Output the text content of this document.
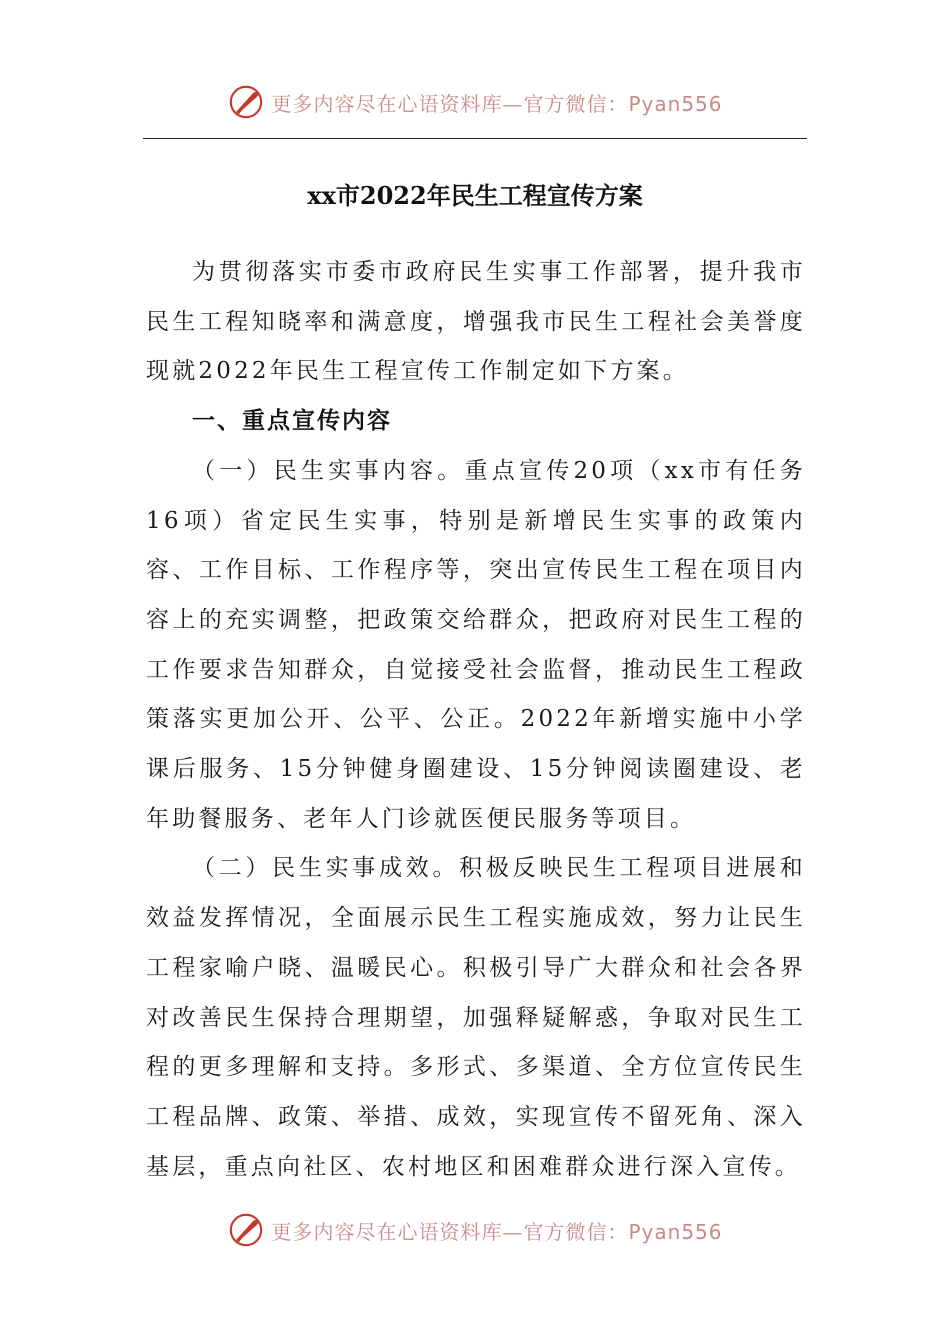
更多内容尽在心语资料库—官方微信：Pyan556
xx市2022年民生工程宣传方案

为贯彻落实市委市政府民生实事工作部署，提升我市民生工程知晓率和满意度，增强我市民生工程社会美誉度现就2022年民生工程宣传工作制定如下方案。

一、重点宣传内容

（一）民生实事内容。重点宣传20项（xx市有任务16项）省定民生实事，特别是新增民生实事的政策内容、工作目标、工作程序等，突出宣传民生工程在项目内容上的充实调整，把政策交给群众，把政府对民生工程的工作要求告知群众，自觉接受社会监督，推动民生工程政策落实更加公开、公平、公正。2022年新增实施中小学课后服务、15分钟健身圈建设、15分钟阅读圈建设、老年助餐服务、老年人门诊就医便民服务等项目。

（二）民生实事成效。积极反映民生工程项目进展和效益发挥情况，全面展示民生工程实施成效，努力让民生工程家喻户晓、温暖民心。积极引导广大群众和社会各界对改善民生保持合理期望，加强释疑解惑，争取对民生工程的更多理解和支持。多形式、多渠道、全方位宣传民生工程品牌、政策、举措、成效，实现宣传不留死角、深入基层，重点向社区、农村地区和困难群众进行深入宣传。

更多内容尽在心语资料库—官方微信：Pyan556
